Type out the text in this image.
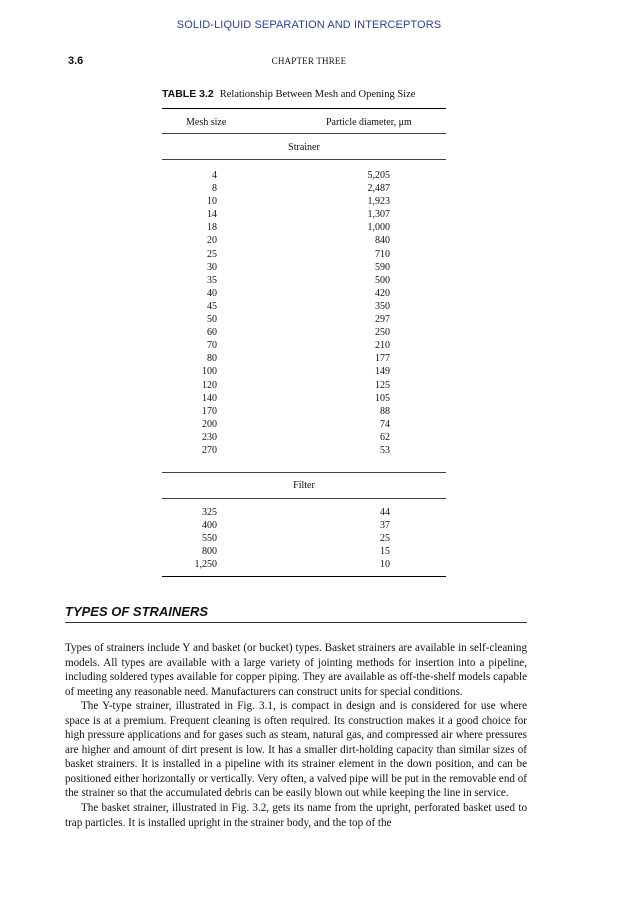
SOLID-LIQUID SEPARATION AND INTERCEPTORS
3.6	CHAPTER THREE
TABLE 3.2 Relationship Between Mesh and Opening Size
Mesh size	Particle diameter, μm
Strainer
4	5,205
8	2,487
10	1,923
14	1,307
18	1,000
20	840
25	710
30	590
35	500
40	420
45	350
50	297
60	250
70	210
80	177
100	149
120	125
140	105
170	88
200	74
230	62
270	53
Filter
325	44
400	37
550	25
800	15
1,250	10
TYPES OF STRAINERS

Types of strainers include Y and basket (or bucket) types. Basket strainers are available in self-cleaning models. All types are available with a large variety of jointing methods for insertion into a pipeline, including soldered types available for copper piping. They are available as off-the-shelf models capable of meeting any reasonable need. Manufacturers can construct units for special conditions.

The Y-type strainer, illustrated in Fig. 3.1, is compact in design and is considered for use where space is at a premium. Frequent cleaning is often required. Its construction makes it a good choice for high pressure applications and for gases such as steam, natural gas, and compressed air where pressures are higher and amount of dirt present is low. It has a smaller dirt-holding capacity than similar sizes of basket strainers. It is installed in a pipeline with its strainer element in the down position, and can be positioned either horizontally or vertically. Very often, a valved pipe will be put in the removable end of the strainer so that the accumulated debris can be easily blown out while keeping the line in service.

The basket strainer, illustrated in Fig. 3.2, gets its name from the upright, perforated basket used to trap particles. It is installed upright in the strainer body, and the top of the
